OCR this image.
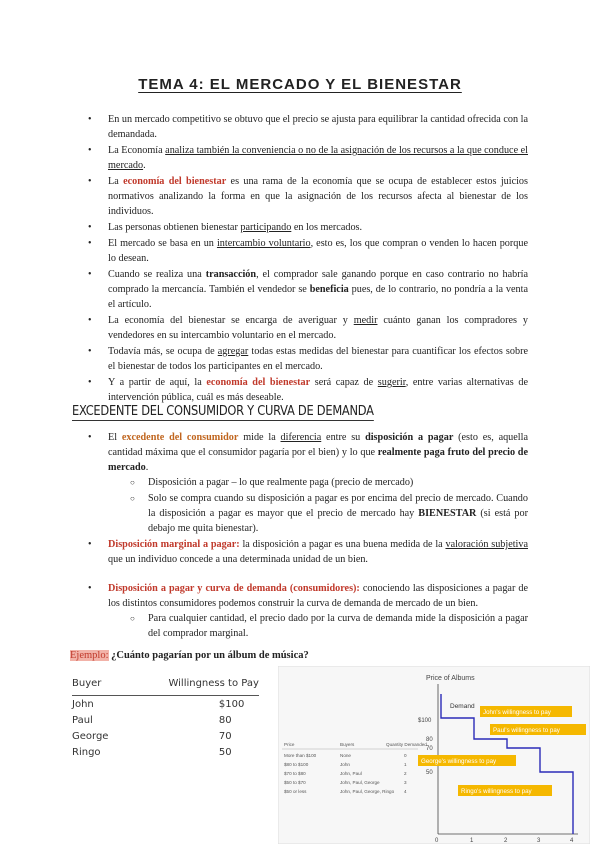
TEMA 4: EL MERCADO Y EL BIENESTAR
• En un mercado competitivo se obtuvo que el precio se ajusta para equilibrar la cantidad ofrecida con la demandada.
• La Economía analiza también la conveniencia o no de la asignación de los recursos a la que conduce el mercado.
• La economía del bienestar es una rama de la economía que se ocupa de establecer estos juicios normativos analizando la forma en que la asignación de los recursos afecta al bienestar de los individuos.
• Las personas obtienen bienestar participando en los mercados.
• El mercado se basa en un intercambio voluntario, esto es, los que compran o venden lo hacen porque lo desean.
• Cuando se realiza una transacción, el comprador sale ganando porque en caso contrario no habría comprado la mercancía. También el vendedor se beneficia pues, de lo contrario, no pondría a la venta el artículo.
• La economía del bienestar se encarga de averiguar y medir cuánto ganan los compradores y vendedores en su intercambio voluntario en el mercado.
• Todavía más, se ocupa de agregar todas estas medidas del bienestar para cuantificar los efectos sobre el bienestar de todos los participantes en el mercado.
• Y a partir de aquí, la economía del bienestar será capaz de sugerir, entre varias alternativas de intervención pública, cuál es más deseable.
EXCEDENTE DEL CONSUMIDOR Y CURVA DE DEMANDA
• El excedente del consumidor mide la diferencia entre su disposición a pagar (esto es, aquella cantidad máxima que el consumidor pagaría por el bien) y lo que realmente paga fruto del precio de mercado.
○ Disposición a pagar – lo que realmente paga (precio de mercado)
○ Solo se compra cuando su disposición a pagar es por encima del precio de mercado. Cuando la disposición a pagar es mayor que el precio de mercado hay BIENESTAR (si está por debajo me quita bienestar).
• Disposición marginal a pagar: la disposición a pagar es una buena medida de la valoración subjetiva que un individuo concede a una determinada unidad de un bien.
• Disposición a pagar y curva de demanda (consumidores): conociendo las disposiciones a pagar de los distintos consumidores podemos construir la curva de demanda de mercado de un bien.
○ Para cualquier cantidad, el precio dado por la curva de demanda mide la disposición a pagar del comprador marginal.
Ejemplo: ¿Cuánto pagarían por un álbum de música?
Buyer	Willingness to Pay
John	$100
Paul	80
George	70
Ringo	50
Price of Albums
$100
80
70
50
0	1	2	3	4
Demand
John's willingness to pay
Paul's willingness to pay
George's willingness to pay
Ringo's willingness to pay
Price	Buyers	Quantity Demanded
More than $100	None	0
$80 to $100	John	1
$70 to $80	John, Paul	2
$50 to $70	John, Paul, George	3
$50 or less	John, Paul, George, Ringo 4
